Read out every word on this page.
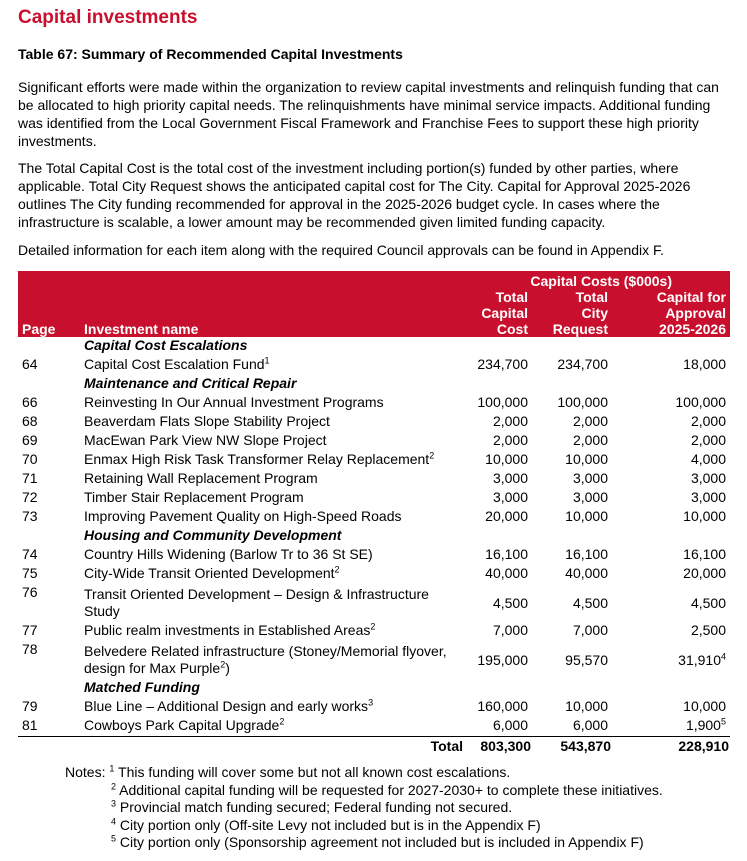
Capital investments
Table 67: Summary of Recommended Capital Investments

Significant efforts were made within the organization to review capital investments and relinquish funding that can be allocated to high priority capital needs. The relinquishments have minimal service impacts. Additional funding was identified from the Local Government Fiscal Framework and Franchise Fees to support these high priority investments.

The Total Capital Cost is the total cost of the investment including portion(s) funded by other parties, where applicable. Total City Request shows the anticipated capital cost for The City. Capital for Approval 2025-2026 outlines The City funding recommended for approval in the 2025-2026 budget cycle. In cases where the infrastructure is scalable, a lower amount may be recommended given limited funding capacity.

Detailed information for each item along with the required Council approvals can be found in Appendix F.

		Capital Costs ($000s)		
		Total	Total	Capital for
		Capital	City	Approval
Page	Investment name	Cost	Request	2025-2026
	Capital Cost Escalations			
64	Capital Cost Escalation Fund$^1$	234,700	234,700	18,000
	Maintenance and Critical Repair			
66	Reinvesting In Our Annual Investment Programs	100,000	100,000	100,000
68	Beaverdam Flats Slope Stability Project	2,000	2,000	2,000
69	MacEwan Park View NW Slope Project	2,000	2,000	2,000
70	Enmax High Risk Task Transformer Relay Replacement$^2$	10,000	10,000	4,000
71	Retaining Wall Replacement Program	3,000	3,000	3,000
72	Timber Stair Replacement Program	3,000	3,000	3,000
73	Improving Pavement Quality on High-Speed Roads	20,000	10,000	10,000
	Housing and Community Development			
74	Country Hills Widening (Barlow Tr to 36 St SE)	16,100	16,100	16,100
75	City-Wide Transit Oriented Development$^2$	40,000	40,000	20,000
76	Transit Oriented Development – Design & Infrastructure Study	4,500	4,500	4,500
77	Public realm investments in Established Areas$^2$	7,000	7,000	2,500
78	Belvedere Related infrastructure (Stoney/Memorial flyover, design for Max Purple$^2$)	195,000	95,570	31,910$^4$
	Matched Funding			
79	Blue Line – Additional Design and early works$^3$	160,000	10,000	10,000
81	Cowboys Park Capital Upgrade$^2$	6,000	6,000	1,900$^5$
	Total	803,300	543,870	228,910
Notes: $^1$ This funding will cover some but not all known cost escalations.
$^2$ Additional capital funding will be requested for 2027-2030+ to complete these initiatives.
$^3$ Provincial match funding secured; Federal funding not secured.
$^4$ City portion only (Off-site Levy not included but is in the Appendix F)
$^5$ City portion only (Sponsorship agreement not included but is included in Appendix F)
